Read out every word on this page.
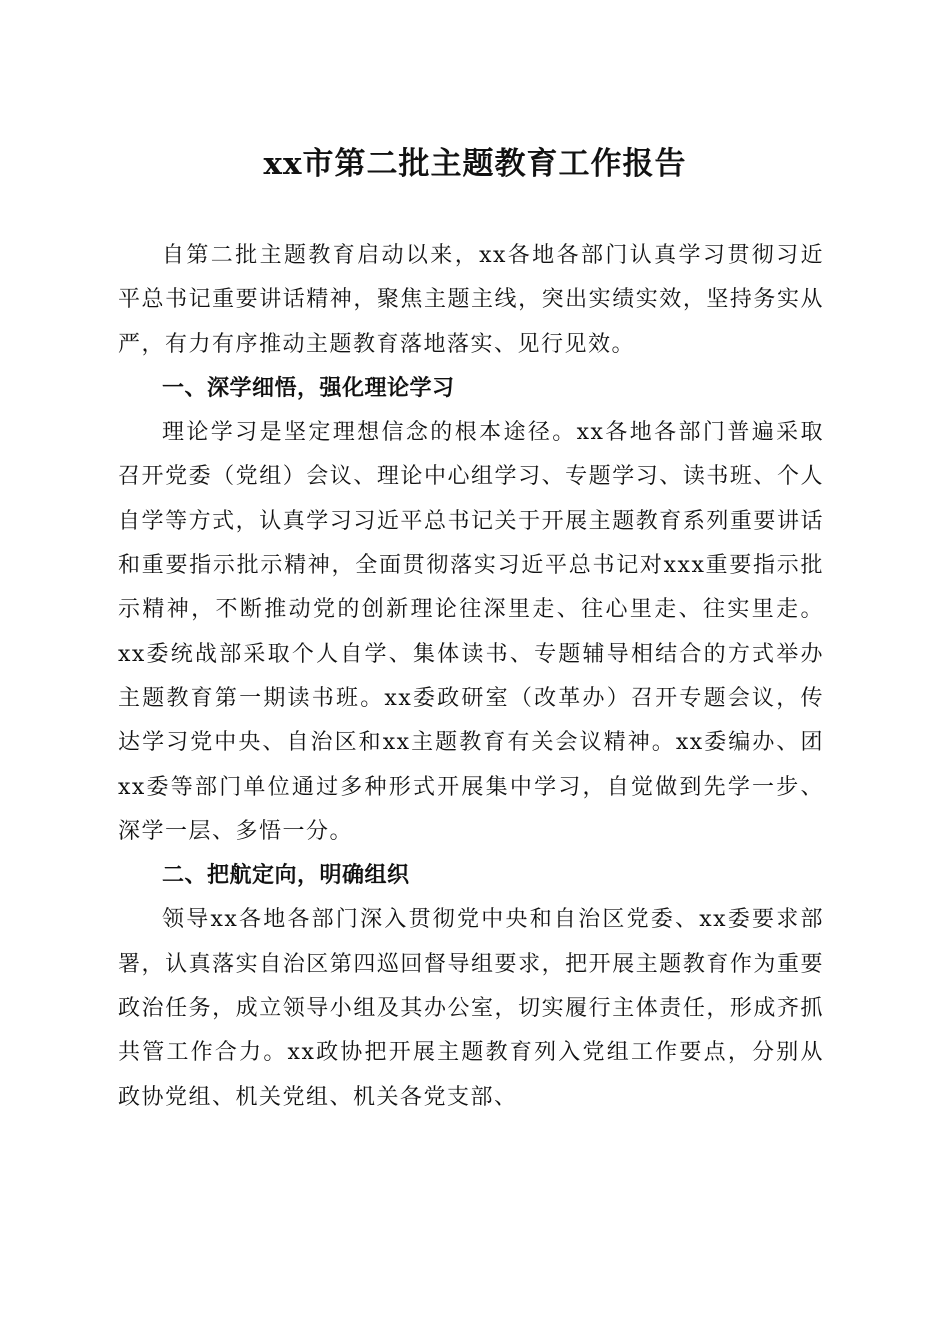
xx市第二批主题教育工作报告

自第二批主题教育启动以来，xx各地各部门认真学习贯彻习近平总书记重要讲话精神，聚焦主题主线，突出实绩实效，坚持务实从严，有力有序推动主题教育落地落实、见行见效。

一、深学细悟，强化理论学习

理论学习是坚定理想信念的根本途径。xx各地各部门普遍采取召开党委（党组）会议、理论中心组学习、专题学习、读书班、个人自学等方式，认真学习习近平总书记关于开展主题教育系列重要讲话和重要指示批示精神，全面贯彻落实习近平总书记对xxx重要指示批示精神，不断推动党的创新理论往深里走、往心里走、往实里走。xx委统战部采取个人自学、集体读书、专题辅导相结合的方式举办主题教育第一期读书班。xx委政研室（改革办）召开专题会议，传达学习党中央、自治区和xx主题教育有关会议精神。xx委编办、团xx委等部门单位通过多种形式开展集中学习，自觉做到先学一步、深学一层、多悟一分。

二、把航定向，明确组织

领导xx各地各部门深入贯彻党中央和自治区党委、xx委要求部署，认真落实自治区第四巡回督导组要求，把开展主题教育作为重要政治任务，成立领导小组及其办公室，切实履行主体责任，形成齐抓共管工作合力。xx政协把开展主题教育列入党组工作要点，分别从政协党组、机关党组、机关各党支部、
